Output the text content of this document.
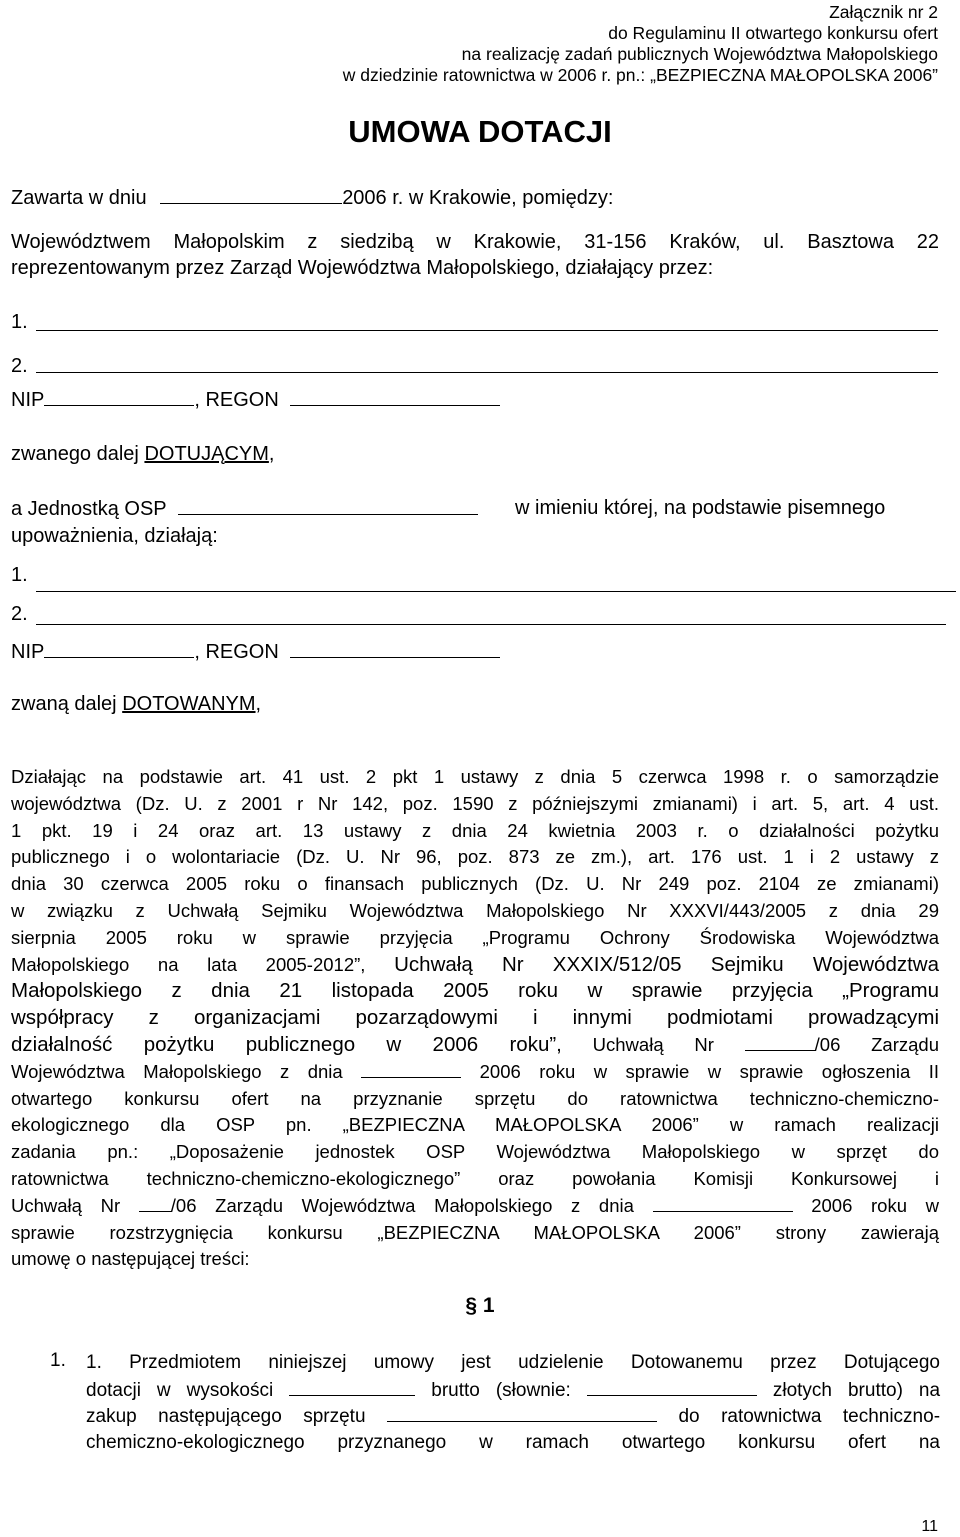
Załącznik nr 2
do Regulaminu II otwartego konkursu ofert
na realizację zadań publicznych Województwa Małopolskiego
w dziedzinie ratownictwa w 2006 r. pn.: „BEZPIECZNA MAŁOPOLSKA 2006”
UMOWA DOTACJI
Zawarta w dniu	2006 r. w Krakowie, pomiędzy:
Województwem Małopolskim z siedzibą w Krakowie, 31-156 Kraków, ul. Basztowa 22
reprezentowanym przez Zarząd Województwa Małopolskiego, działający przez:
1.
2.
NIP	, REGON
zwanego dalej DOTUJĄCYM,
a Jednostką OSP	w imieniu której, na podstawie pisemnego
upoważnienia, działają:
1.
2.
NIP	, REGON
zwaną dalej DOTOWANYM,
Działając na podstawie art. 41 ust. 2 pkt 1 ustawy z dnia 5 czerwca 1998 r. o samorządzie
województwa (Dz. U. z 2001 r Nr 142, poz. 1590 z późniejszymi zmianami) i art. 5, art. 4 ust.
1 pkt. 19 i 24 oraz art. 13 ustawy z dnia 24 kwietnia 2003 r. o działalności pożytku
publicznego i o wolontariacie (Dz. U. Nr 96, poz. 873 ze zm.), art. 176 ust. 1 i 2 ustawy z
dnia 30 czerwca 2005 roku o finansach publicznych (Dz. U. Nr 249 poz. 2104 ze zmianami)
w związku z Uchwałą Sejmiku Województwa Małopolskiego Nr XXXVI/443/2005 z dnia 29
sierpnia 2005 roku w sprawie przyjęcia „Programu Ochrony Środowiska Województwa
Małopolskiego na lata 2005-2012”, Uchwałą Nr XXXIX/512/05 Sejmiku Województwa
Małopolskiego z dnia 21 listopada 2005 roku w sprawie przyjęcia „Programu
współpracy z organizacjami pozarządowymi i innymi podmiotami prowadzącymi
działalność pożytku publicznego w 2006 roku”, Uchwałą Nr	/06 Zarządu
Województwa Małopolskiego z dnia	2006 roku w sprawie w sprawie ogłoszenia II
otwartego konkursu ofert na przyznanie sprzętu do ratownictwa techniczno-chemiczno-
ekologicznego dla OSP pn. „BEZPIECZNA MAŁOPOLSKA 2006” w ramach realizacji
zadania pn.: „Doposażenie jednostek OSP Województwa Małopolskiego w sprzęt do
ratownictwa techniczno-chemiczno-ekologicznego” oraz powołania Komisji Konkursowej i
Uchwałą Nr	/06 Zarządu Województwa Małopolskiego z dnia	2006 roku w
sprawie rozstrzygnięcia konkursu „BEZPIECZNA MAŁOPOLSKA 2006” strony zawierają
umowę o następującej treści:
§ 1
1. 1. Przedmiotem niniejszej umowy jest udzielenie Dotowanemu przez Dotującego
dotacji w wysokości	brutto (słownie:	złotych brutto) na
zakup następującego sprzętu	do ratownictwa techniczno-
chemiczno-ekologicznego przyznanego w ramach otwartego konkursu ofert na
11
